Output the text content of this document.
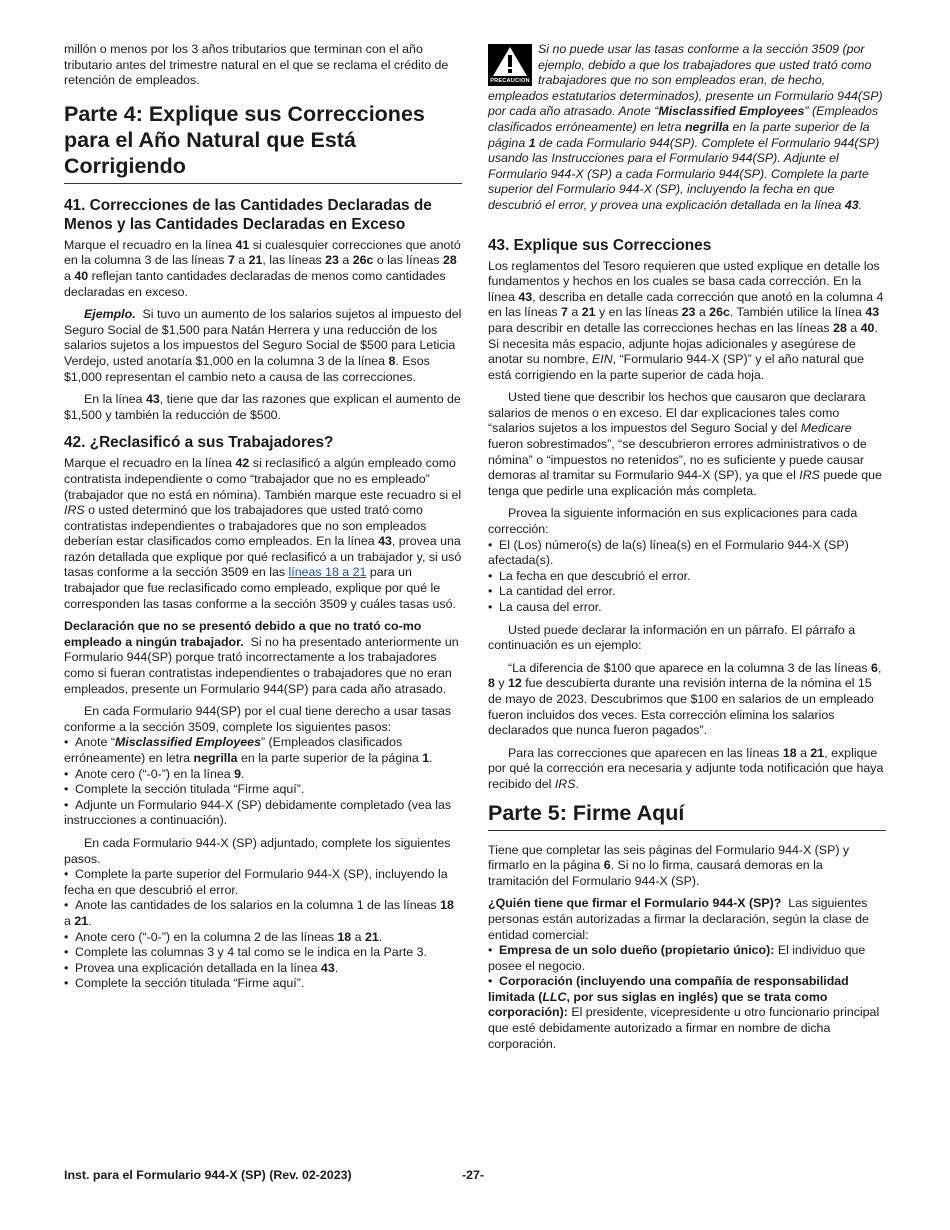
millón o menos por los 3 años tributarios que terminan con el año tributario antes del trimestre natural en el que se reclama el crédito de retención de empleados.

Parte 4: Explique sus Correcciones para el Año Natural que Está Corrigiendo
41. Correcciones de las Cantidades Declaradas de Menos y las Cantidades Declaradas en Exceso

Marque el recuadro en la línea 41 si cualesquier correcciones que anotó en la columna 3 de las líneas 7 a 21, las líneas 23 a 26c o las líneas 28 a 40 reflejan tanto cantidades declaradas de menos como cantidades declaradas en exceso.

Ejemplo. Si tuvo un aumento de los salarios sujetos al impuesto del Seguro Social de $1,500 para Natán Herrera y una reducción de los salarios sujetos a los impuestos del Seguro Social de $500 para Leticia Verdejo, usted anotaría $1,000 en la columna 3 de la línea 8. Esos $1,000 representan el cambio neto a causa de las correcciones.

En la línea 43, tiene que dar las razones que explican el aumento de $1,500 y también la reducción de $500.

42. ¿Reclasificó a sus Trabajadores?

Marque el recuadro en la línea 42 si reclasificó a algún empleado como contratista independiente o como “trabajador que no es empleado” (trabajador que no está en nómina). También marque este recuadro si el IRS o usted determinó que los trabajadores que usted trató como contratistas independientes o trabajadores que no son empleados deberían estar clasificados como empleados. En la línea 43, provea una razón detallada que explique por qué reclasificó a un trabajador y, si usó tasas conforme a la sección 3509 en las líneas 18 a 21 para un trabajador que fue reclasificado como empleado, explique por qué le corresponden las tasas conforme a la sección 3509 y cuáles tasas usó.

Declaración que no se presentó debido a que no trató co-mo empleado a ningún trabajador. Si no ha presentado anteriormente un Formulario 944(SP) porque trató incorrectamente a los trabajadores como si fueran contratistas independientes o trabajadores que no eran empleados, presente un Formulario 944(SP) para cada año atrasado.

En cada Formulario 944(SP) por el cual tiene derecho a usar tasas conforme a la sección 3509, complete los siguientes pasos:

• Anote “Misclassified Employees” (Empleados clasificados erróneamente) en letra negrilla en la parte superior de la página 1.
• Anote cero (“-0-”) en la línea 9.
• Complete la sección titulada “Firme aquí”.
• Adjunte un Formulario 944-X (SP) debidamente completado (vea las instrucciones a continuación).

En cada Formulario 944-X (SP) adjuntado, complete los siguientes pasos.

• Complete la parte superior del Formulario 944-X (SP), incluyendo la fecha en que descubrió el error.
• Anote las cantidades de los salarios en la columna 1 de las líneas 18 a 21.
• Anote cero (“-0-”) en la columna 2 de las líneas 18 a 21.
• Complete las columnas 3 y 4 tal como se le indica en la Parte 3.
• Provea una explicación detallada en la línea 43.
• Complete la sección titulada “Firme aquí”.
PRECAUCION

Si no puede usar las tasas conforme a la sección 3509 (por ejemplo, debido a que los trabajadores que usted trató como trabajadores que no son empleados eran, de hecho, empleados estatutarios determinados), presente un Formulario 944(SP) por cada año atrasado. Anote “Misclassified Employees” (Empleados clasificados erróneamente) en letra negrilla en la parte superior de la página 1 de cada Formulario 944(SP). Complete el Formulario 944(SP) usando las Instrucciones para el Formulario 944(SP). Adjunte el Formulario 944-X (SP) a cada Formulario 944(SP). Complete la parte superior del Formulario 944-X (SP), incluyendo la fecha en que descubrió el error, y provea una explicación detallada en la línea 43.

43. Explique sus Correcciones

Los reglamentos del Tesoro requieren que usted explique en detalle los fundamentos y hechos en los cuales se basa cada corrección. En la línea 43, describa en detalle cada corrección que anotó en la columna 4 en las líneas 7 a 21 y en las líneas 23 a 26c. También utilice la línea 43 para describir en detalle las correcciones hechas en las líneas 28 a 40. Si necesita más espacio, adjunte hojas adicionales y asegúrese de anotar su nombre, EIN, “Formulario 944-X (SP)” y el año natural que está corrigiendo en la parte superior de cada hoja.

Usted tiene que describir los hechos que causaron que declarara salarios de menos o en exceso. El dar explicaciones tales como “salarios sujetos a los impuestos del Seguro Social y del Medicare fueron sobrestimados”, “se descubrieron errores administrativos o de nómina” o “impuestos no retenidos”, no es suficiente y puede causar demoras al tramitar su Formulario 944-X (SP), ya que el IRS puede que tenga que pedirle una explicación más completa.

Provea la siguiente información en sus explicaciones para cada corrección:

• El (Los) número(s) de la(s) línea(s) en el Formulario 944-X (SP) afectada(s).
• La fecha en que descubrió el error.
• La cantidad del error.
• La causa del error.

Usted puede declarar la información en un párrafo. El párrafo a continuación es un ejemplo:

“La diferencia de $100 que aparece en la columna 3 de las líneas 6, 8 y 12 fue descubierta durante una revisión interna de la nómina el 15 de mayo de 2023. Descubrimos que $100 en salarios de un empleado fueron incluidos dos veces. Esta corrección elimina los salarios declarados que nunca fueron pagados”.

Para las correcciones que aparecen en las líneas 18 a 21, explique por qué la corrección era necesaria y adjunte toda notificación que haya recibido del IRS.

Parte 5: Firme Aquí

Tiene que completar las seis páginas del Formulario 944-X (SP) y firmarlo en la página 6. Si no lo firma, causará demoras en la tramitación del Formulario 944-X (SP).

¿Quién tiene que firmar el Formulario 944-X (SP)? Las siguientes personas están autorizadas a firmar la declaración, según la clase de entidad comercial:

• Empresa de un solo dueño (propietario único): El individuo que posee el negocio.
• Corporación (incluyendo una compañía de responsabilidad limitada (LLC, por sus siglas en inglés) que se trata como corporación): El presidente, vicepresidente u otro funcionario principal que esté debidamente autorizado a firmar en nombre de dicha corporación.
Inst. para el Formulario 944-X (SP) (Rev. 02-2023)	-27-
